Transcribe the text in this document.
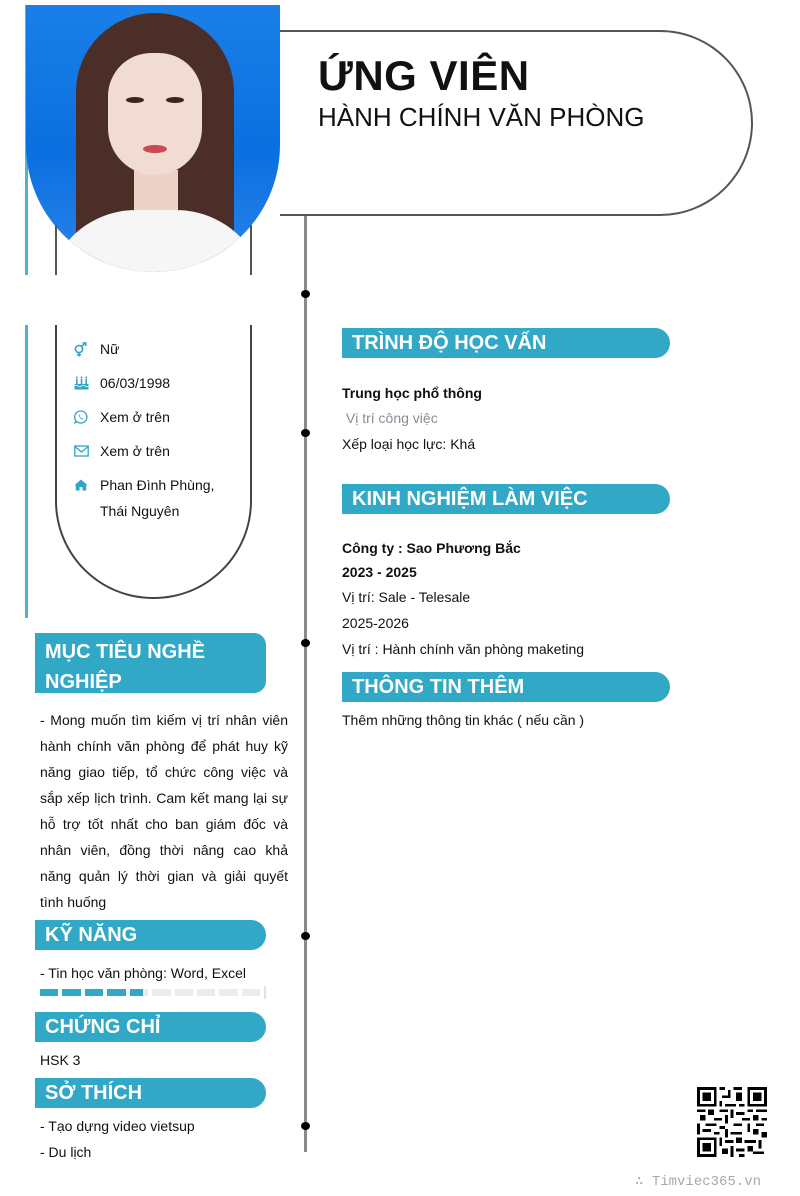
ỨNG VIÊN
HÀNH CHÍNH VĂN PHÒNG
Nữ
06/03/1998
Xem ở trên
Xem ở trên
Phan Đình Phùng,
Thái Nguyên
MỤC TIÊU NGHỀ
NGHIỆP
- Mong muốn tìm kiếm vị trí nhân viên hành chính văn phòng để phát huy kỹ năng giao tiếp, tổ chức công việc và sắp xếp lịch trình. Cam kết mang lại sự hỗ trợ tốt nhất cho ban giám đốc và nhân viên, đồng thời nâng cao khả năng quản lý thời gian và giải quyết tình huống
KỸ NĂNG
- Tin học văn phòng: Word, Excel
CHỨNG CHỈ
HSK 3
SỞ THÍCH
- Tạo dựng video vietsup
- Du lịch
TRÌNH ĐỘ HỌC VẤN
Trung học phổ thông
Vị trí công việc
Xếp loại học lực: Khá
KINH NGHIỆM LÀM VIỆC
Công ty : Sao Phương Bắc
2023 - 2025
Vị trí: Sale - Telesale
2025-2026
Vị trí : Hành chính văn phòng maketing
THÔNG TIN THÊM
Thêm những thông tin khác ( nếu cần )
∴ Timviec365.vn
